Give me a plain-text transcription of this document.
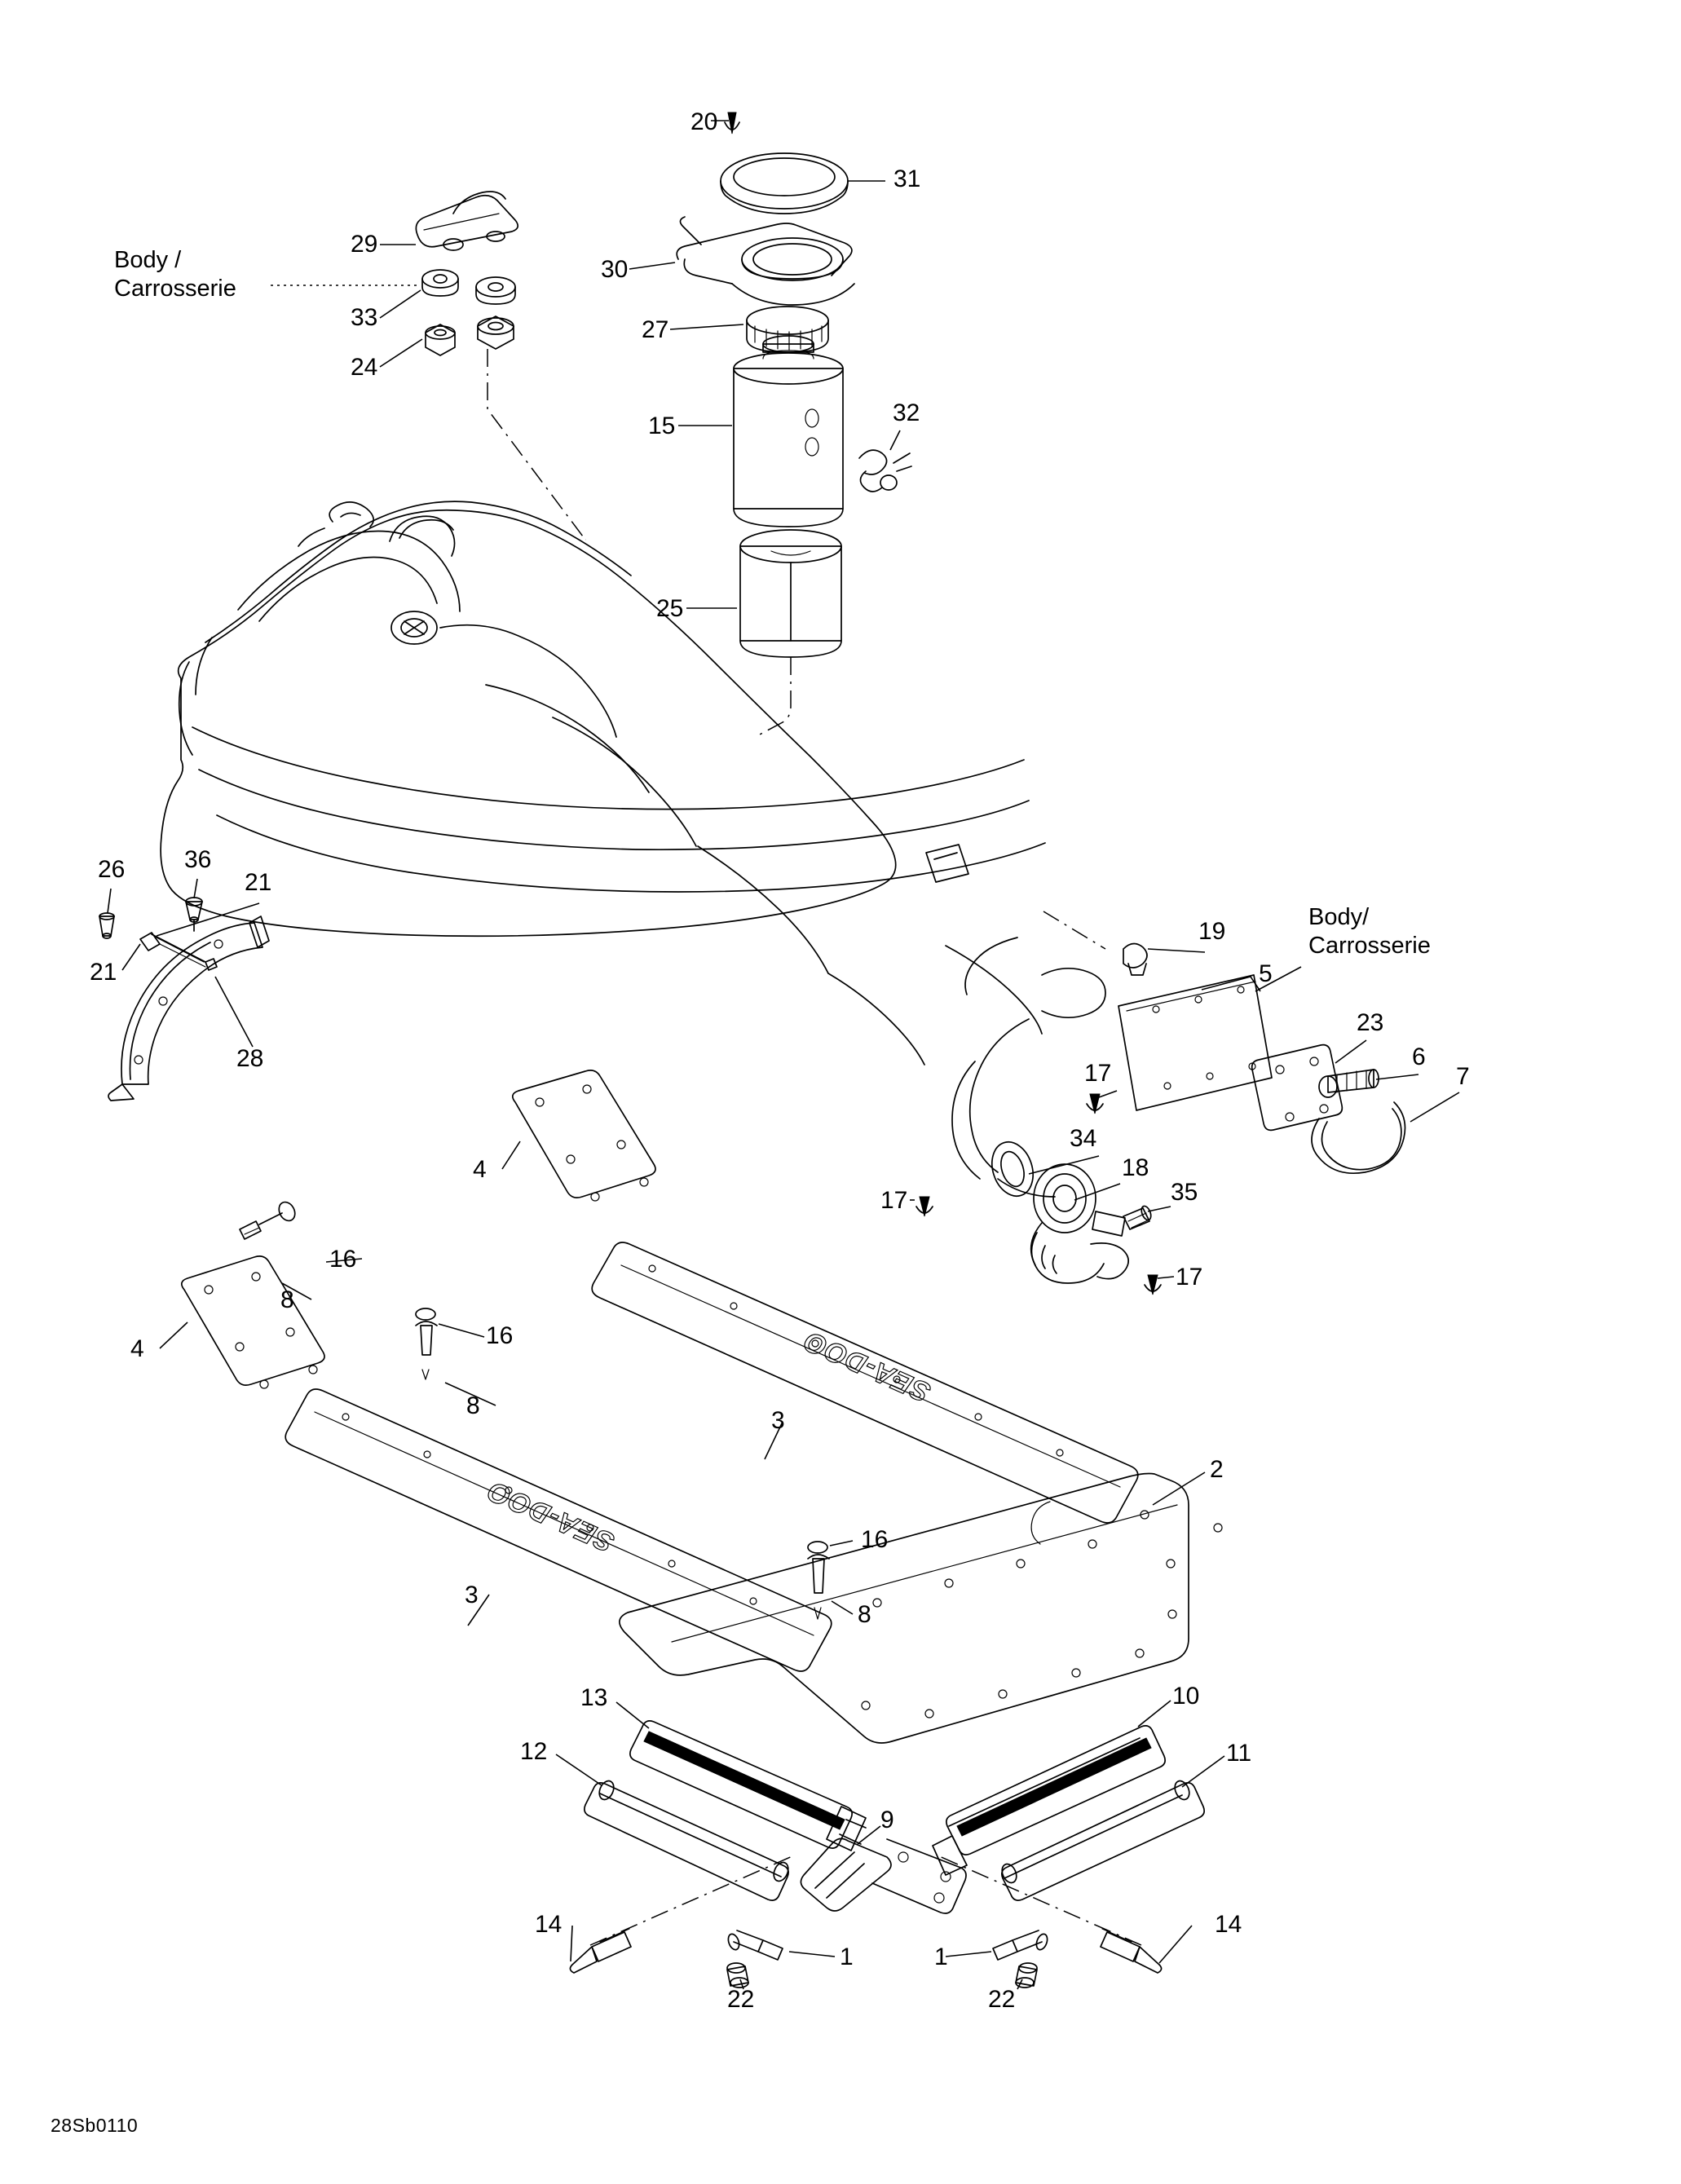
SEA-DOO
SEA-DOO
Body /
Carrosserie
Body/
Carrosserie
20
31
29
30
33	27
24
15	32
25
26 36
21
21
28
19
5
23
6
7
17
34
18
35
17
17
4
16
8
4	16
8
3
2
16
8
3
13	10
12	11
9
14	14
1	1
22	22
28Sb0110
